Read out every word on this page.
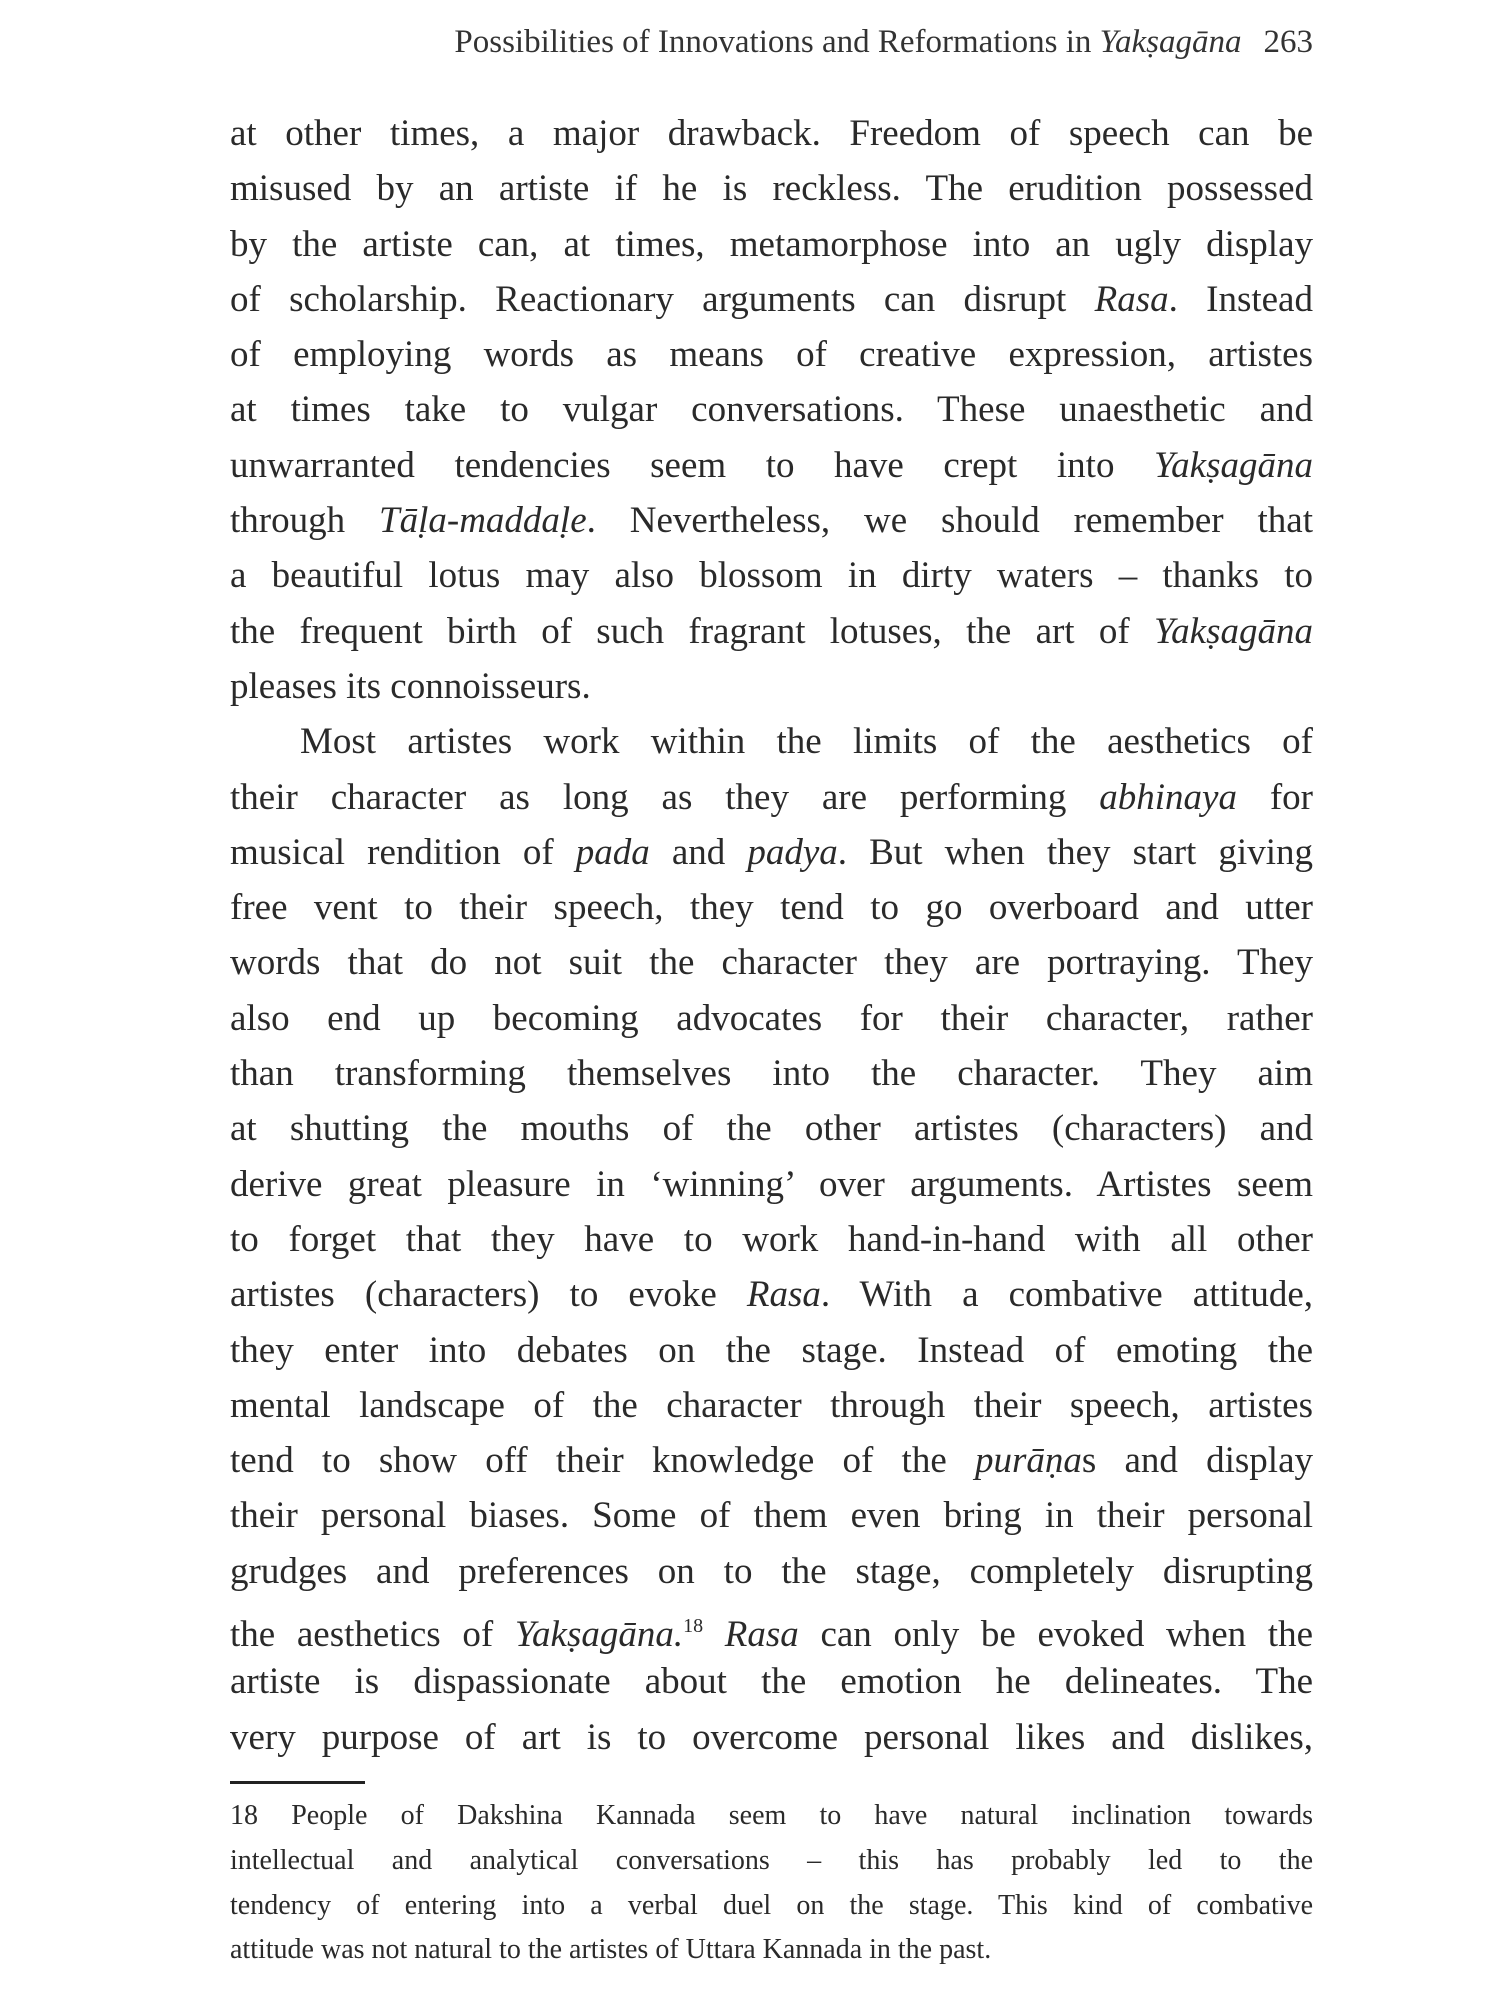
Possibilities of Innovations and Reformations in Yakṣagāna 263
at other times, a major drawback. Freedom of speech can be
misused by an artiste if he is reckless. The erudition possessed
by the artiste can, at times, metamorphose into an ugly display
of scholarship. Reactionary arguments can disrupt Rasa. Instead
of employing words as means of creative expression, artistes
at times take to vulgar conversations. These unaesthetic and
unwarranted tendencies seem to have crept into Yakṣagāna
through Tāḷa-maddaḷe. Nevertheless, we should remember that
a beautiful lotus may also blossom in dirty waters – thanks to
the frequent birth of such fragrant lotuses, the art of Yakṣagāna
pleases its connoisseurs.
Most artistes work within the limits of the aesthetics of
their character as long as they are performing abhinaya for
musical rendition of pada and padya. But when they start giving
free vent to their speech, they tend to go overboard and utter
words that do not suit the character they are portraying. They
also end up becoming advocates for their character, rather
than transforming themselves into the character. They aim
at shutting the mouths of the other artistes (characters) and
derive great pleasure in ‘winning’ over arguments. Artistes seem
to forget that they have to work hand-in-hand with all other
artistes (characters) to evoke Rasa. With a combative attitude,
they enter into debates on the stage. Instead of emoting the
mental landscape of the character through their speech, artistes
tend to show off their knowledge of the purāṇas and display
their personal biases. Some of them even bring in their personal
grudges and preferences on to the stage, completely disrupting
the aesthetics of Yakṣagāna.$^{18}$ Rasa can only be evoked when the
artiste is dispassionate about the emotion he delineates. The
very purpose of art is to overcome personal likes and dislikes,
18 People of Dakshina Kannada seem to have natural inclination towards
intellectual and analytical conversations – this has probably led to the
tendency of entering into a verbal duel on the stage. This kind of combative
attitude was not natural to the artistes of Uttara Kannada in the past.
